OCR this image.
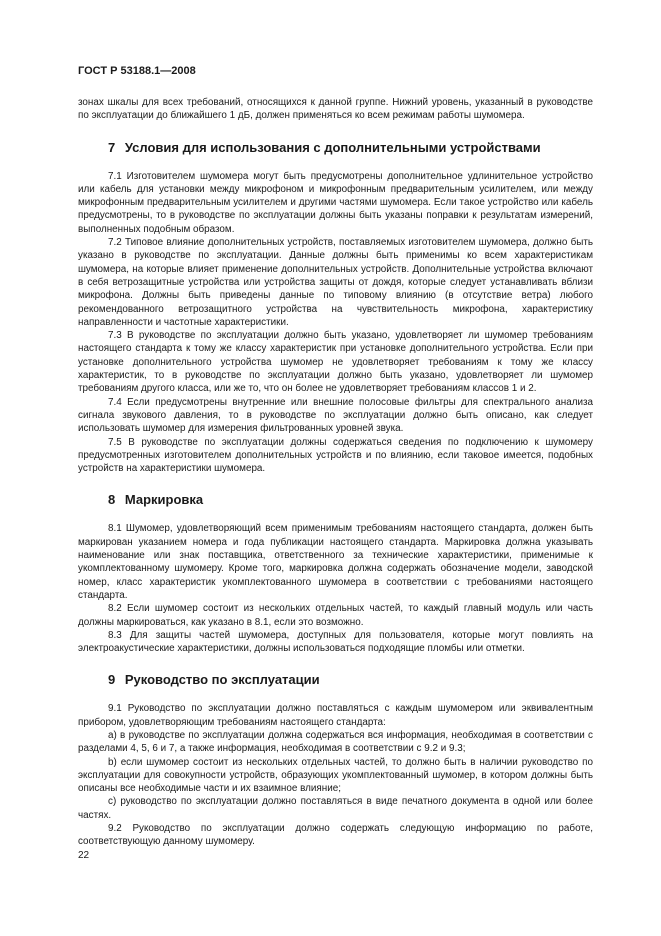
ГОСТ Р 53188.1—2008

зонах шкалы для всех требований, относящихся к данной группе. Нижний уровень, указанный в руководстве по эксплуатации до ближайшего 1 дБ, должен применяться ко всем режимам работы шумомера.

7 Условия для использования с дополнительными устройствами

7.1 Изготовителем шумомера могут быть предусмотрены дополнительное удлинительное устройство или кабель для установки между микрофоном и микрофонным предварительным усилителем, или между микрофонным предварительным усилителем и другими частями шумомера. Если такое устройство или кабель предусмотрены, то в руководстве по эксплуатации должны быть указаны поправки к результатам измерений, выполненных подобным образом.

7.2 Типовое влияние дополнительных устройств, поставляемых изготовителем шумомера, должно быть указано в руководстве по эксплуатации. Данные должны быть применимы ко всем характеристикам шумомера, на которые влияет применение дополнительных устройств. Дополнительные устройства включают в себя ветрозащитные устройства или устройства защиты от дождя, которые следует устанавливать вблизи микрофона. Должны быть приведены данные по типовому влиянию (в отсутствие ветра) любого рекомендованного ветрозащитного устройства на чувствительность микрофона, характеристику направленности и частотные характеристики.

7.3 В руководстве по эксплуатации должно быть указано, удовлетворяет ли шумомер требованиям настоящего стандарта к тому же классу характеристик при установке дополнительного устройства. Если при установке дополнительного устройства шумомер не удовлетворяет требованиям к тому же классу характеристик, то в руководстве по эксплуатации должно быть указано, удовлетворяет ли шумомер требованиям другого класса, или же то, что он более не удовлетворяет требованиям классов 1 и 2.

7.4 Если предусмотрены внутренние или внешние полосовые фильтры для спектрального анализа сигнала звукового давления, то в руководстве по эксплуатации должно быть описано, как следует использовать шумомер для измерения фильтрованных уровней звука.

7.5 В руководстве по эксплуатации должны содержаться сведения по подключению к шумомеру предусмотренных изготовителем дополнительных устройств и по влиянию, если таковое имеется, подобных устройств на характеристики шумомера.

8 Маркировка

8.1 Шумомер, удовлетворяющий всем применимым требованиям настоящего стандарта, должен быть маркирован указанием номера и года публикации настоящего стандарта. Маркировка должна указывать наименование или знак поставщика, ответственного за технические характеристики, применимые к укомплектованному шумомеру. Кроме того, маркировка должна содержать обозначение модели, заводской номер, класс характеристик укомплектованного шумомера в соответствии с требованиями настоящего стандарта.

8.2 Если шумомер состоит из нескольких отдельных частей, то каждый главный модуль или часть должны маркироваться, как указано в 8.1, если это возможно.

8.3 Для защиты частей шумомера, доступных для пользователя, которые могут повлиять на электроакустические характеристики, должны использоваться подходящие пломбы или отметки.

9 Руководство по эксплуатации

9.1 Руководство по эксплуатации должно поставляться с каждым шумомером или эквивалентным прибором, удовлетворяющим требованиям настоящего стандарта:

a) в руководстве по эксплуатации должна содержаться вся информация, необходимая в соответствии с разделами 4, 5, 6 и 7, а также информация, необходимая в соответствии с 9.2 и 9.3;

b) если шумомер состоит из нескольких отдельных частей, то должно быть в наличии руководство по эксплуатации для совокупности устройств, образующих укомплектованный шумомер, в котором должны быть описаны все необходимые части и их взаимное влияние;

c) руководство по эксплуатации должно поставляться в виде печатного документа в одной или более частях.

9.2 Руководство по эксплуатации должно содержать следующую информацию по работе, соответствующую данному шумомеру.

22
